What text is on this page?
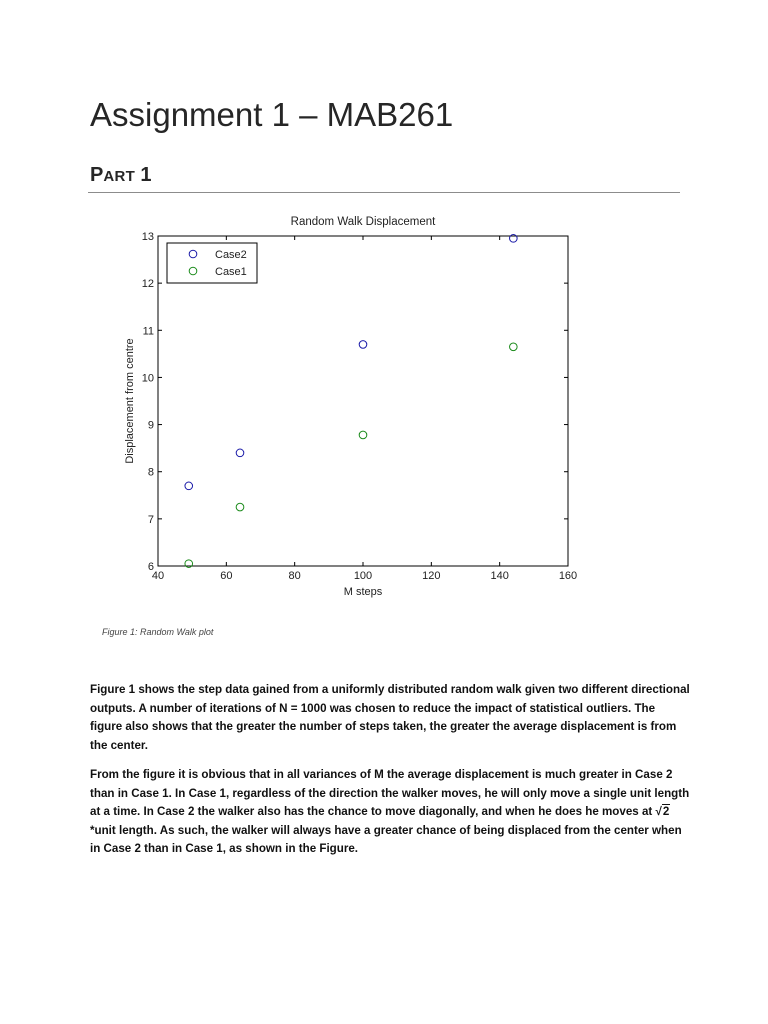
Assignment 1 – MAB261
PART 1
Random Walk Displacement
40	60	80	100	120	140	160
6
7
8
9
10
11
12
13
M steps
Displacement from centre
Case2
Case1
Figure 1: Random Walk plot

Figure 1 shows the step data gained from a uniformly distributed random walk given two different directional outputs. A number of iterations of N = 1000 was chosen to reduce the impact of statistical outliers. The figure also shows that the greater the number of steps taken, the greater the average displacement is from the center.

From the figure it is obvious that in all variances of M the average displacement is much greater in Case 2 than in Case 1. In Case 1, regardless of the direction the walker moves, he will only move a single unit length at a time. In Case 2 the walker also has the chance to move diagonally, and when he does he moves at √2 *unit length. As such, the walker will always have a greater chance of being displaced from the center when in Case 2 than in Case 1, as shown in the Figure.
